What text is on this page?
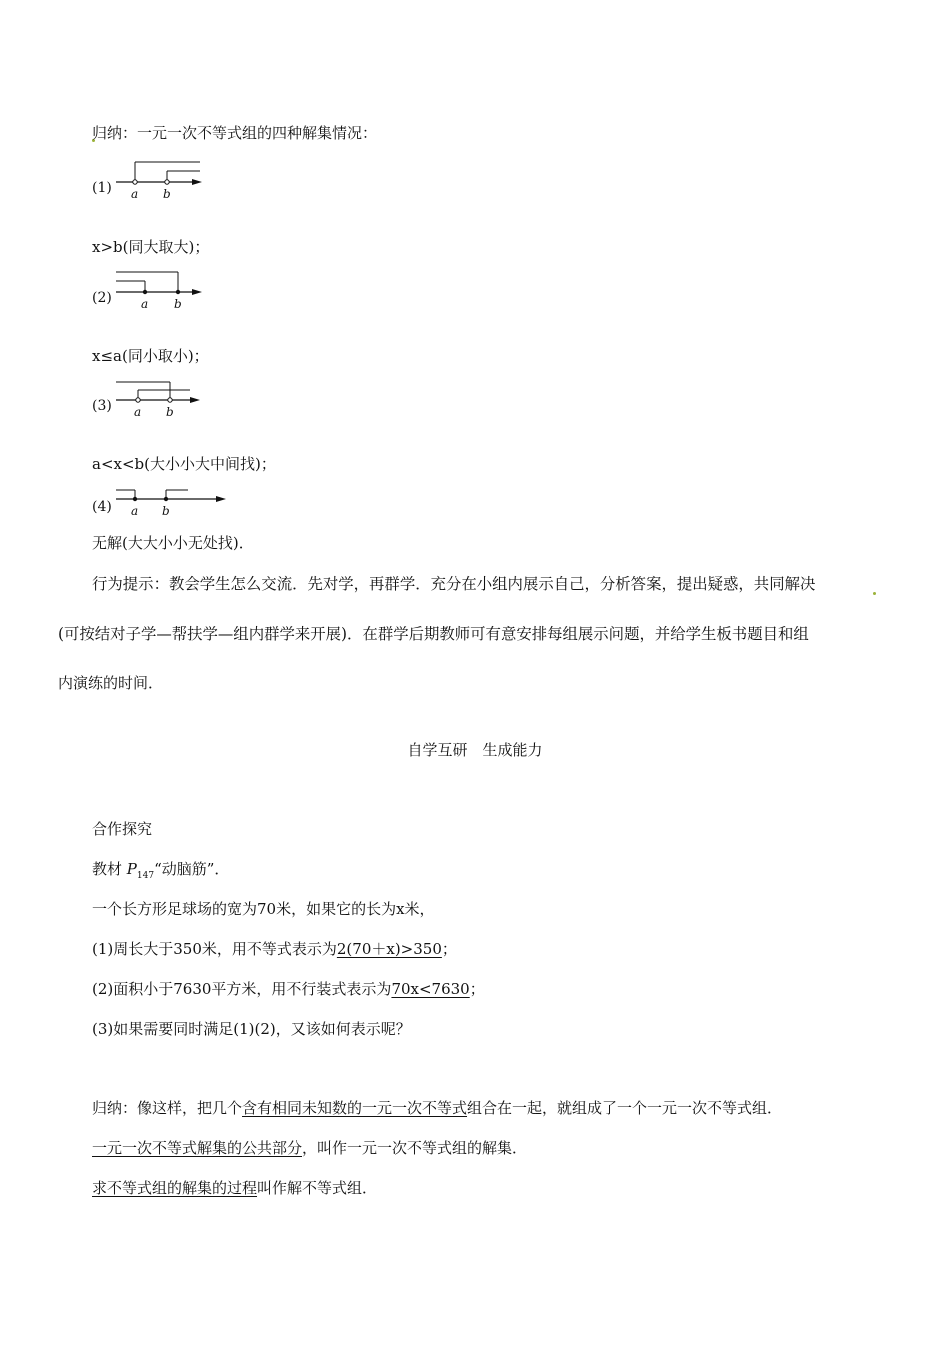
归纳：一元一次不等式组的四种解集情况：
(1) a b
x>b(同大取大)；
(2) a b
x≤a(同小取小)；
(3) a b
a<x<b(大小小大中间找)；
(4) a b
无解(大大小小无处找)．
行为提示：教会学生怎么交流．先对学，再群学．充分在小组内展示自己，分析答案，提出疑惑，共同解决
(可按结对子学—帮扶学—组内群学来开展)．在群学后期教师可有意安排每组展示问题，并给学生板书题目和组
内演练的时间．
自学互研　生成能力
合作探究
教材 $P_{147}“$动脑筋”．
一个长方形足球场的宽为70米，如果它的长为x米，
(1)周长大于350米，用不等式表示为2(70＋x)>350；
(2)面积小于7630平方米，用不行装式表示为70x<7630；
(3)如果需要同时满足(1)(2)，又该如何表示呢？
归纳：像这样，把几个含有相同未知数的一元一次不等式组合在一起，就组成了一个一元一次不等式组．
一元一次不等式解集的公共部分，叫作一元一次不等式组的解集．
求不等式组的解集的过程叫作解不等式组．
